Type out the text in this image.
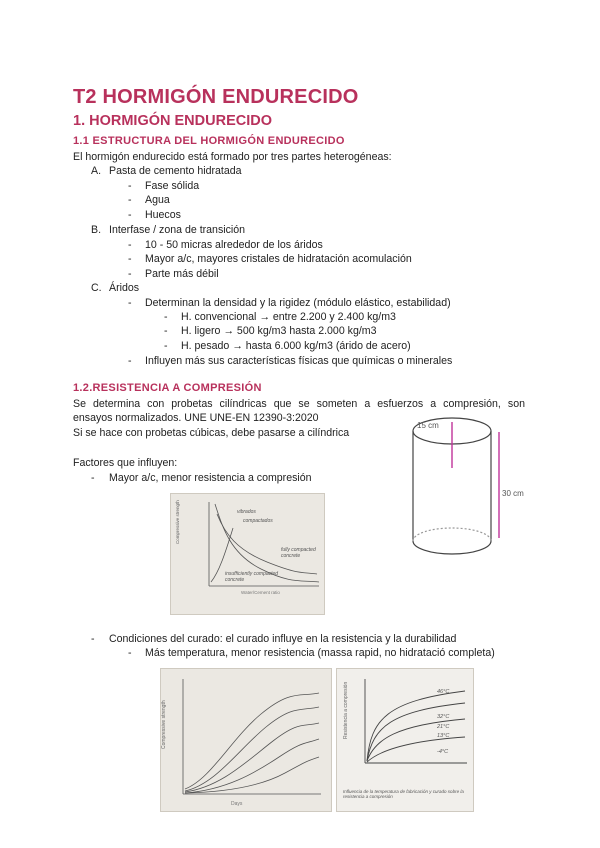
T2 HORMIGÓN ENDURECIDO
1. HORMIGÓN ENDURECIDO
1.1 ESTRUCTURA DEL HORMIGÓN ENDURECIDO
El hormigón endurecido está formado por tres partes heterogéneas:
A. Pasta de cemento hidratada
- Fase sólida
- Agua
- Huecos
B. Interfase / zona de transición
- 10 - 50 micras alrededor de los áridos
- Mayor a/c, mayores cristales de hidratación acomulación
- Parte más débil
C. Áridos
- Determinan la densidad y la rigidez (módulo elástico, estabilidad)
- H. convencional → entre 2.200 y 2.400 kg/m3
- H. ligero → 500 kg/m3 hasta 2.000 kg/m3
- H. pesado → hasta 6.000 kg/m3 (árido de acero)
- Influyen más sus características físicas que químicas o minerales
1.2.RESISTENCIA A COMPRESIÓN
Se determina con probetas cilíndricas que se someten a esfuerzos a compresión, son
ensayos normalizados. UNE UNE-EN 12390-3:2020
Si se hace con probetas cúbicas, debe pasarse a cilíndrica
15 cm
30 cm
Factores que influyen:
- Mayor a/c, menor resistencia a compresión
Compressive strength
Water/Cement ratio
vibrados
compactados
fully compacted concrete
insufficiently compacted concrete
- Condiciones del curado: el curado influye en la resistencia y la durabilidad
- Más temperatura, menor resistencia (massa rapid, no hidratació completa)
Compressive strength
Days
Resistencia a compresión	46°C
32°C
21°C
13°C
-4°C
Influencia de la temperatura de fabricación y curado sobre la resistencia a compresión
